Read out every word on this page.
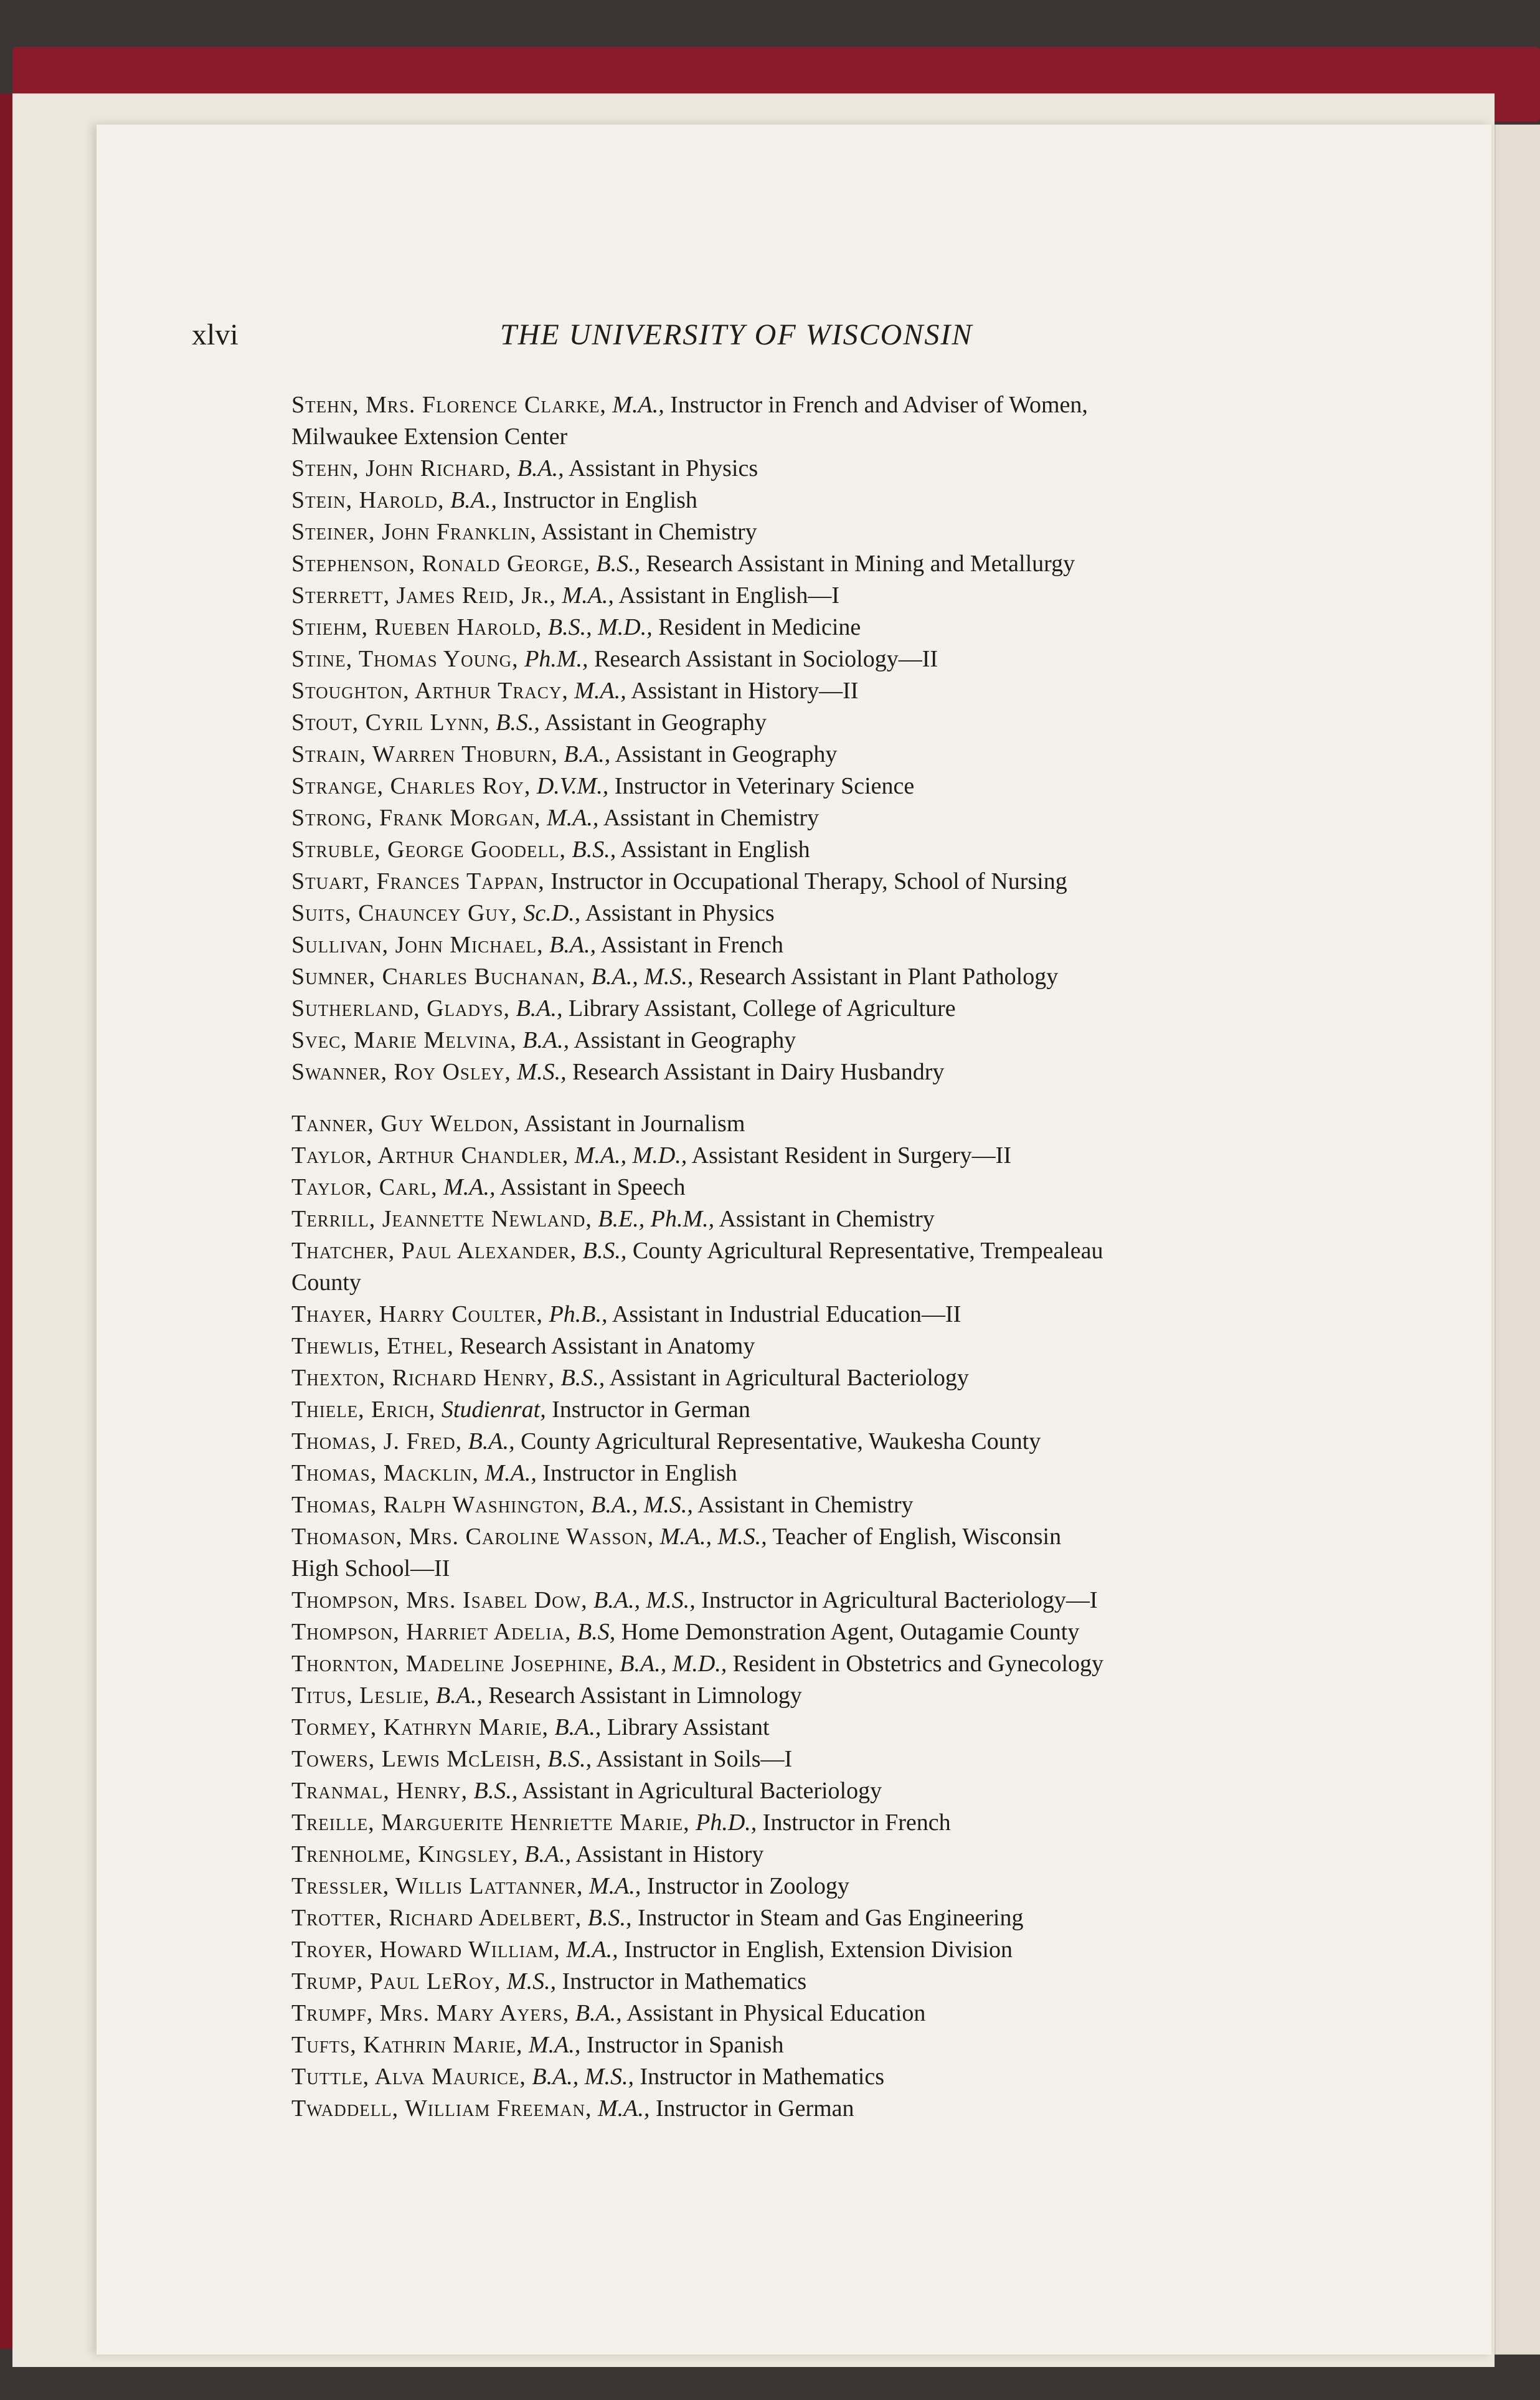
xlvi	THE UNIVERSITY OF WISCONSIN
Stehn, Mrs. Florence Clarke, M.A., Instructor in French and Adviser of Women,
Milwaukee Extension Center
Stehn, John Richard, B.A., Assistant in Physics
Stein, Harold, B.A., Instructor in English
Steiner, John Franklin, Assistant in Chemistry
Stephenson, Ronald George, B.S., Research Assistant in Mining and Metallurgy
Sterrett, James Reid, Jr., M.A., Assistant in English—I
Stiehm, Rueben Harold, B.S., M.D., Resident in Medicine
Stine, Thomas Young, Ph.M., Research Assistant in Sociology—II
Stoughton, Arthur Tracy, M.A., Assistant in History—II
Stout, Cyril Lynn, B.S., Assistant in Geography
Strain, Warren Thoburn, B.A., Assistant in Geography
Strange, Charles Roy, D.V.M., Instructor in Veterinary Science
Strong, Frank Morgan, M.A., Assistant in Chemistry
Struble, George Goodell, B.S., Assistant in English
Stuart, Frances Tappan, Instructor in Occupational Therapy, School of Nursing
Suits, Chauncey Guy, Sc.D., Assistant in Physics
Sullivan, John Michael, B.A., Assistant in French
Sumner, Charles Buchanan, B.A., M.S., Research Assistant in Plant Pathology
Sutherland, Gladys, B.A., Library Assistant, College of Agriculture
Svec, Marie Melvina, B.A., Assistant in Geography
Swanner, Roy Osley, M.S., Research Assistant in Dairy Husbandry
Tanner, Guy Weldon, Assistant in Journalism
Taylor, Arthur Chandler, M.A., M.D., Assistant Resident in Surgery—II
Taylor, Carl, M.A., Assistant in Speech
Terrill, Jeannette Newland, B.E., Ph.M., Assistant in Chemistry
Thatcher, Paul Alexander, B.S., County Agricultural Representative, Trempealeau
County
Thayer, Harry Coulter, Ph.B., Assistant in Industrial Education—II
Thewlis, Ethel, Research Assistant in Anatomy
Thexton, Richard Henry, B.S., Assistant in Agricultural Bacteriology
Thiele, Erich, Studienrat, Instructor in German
Thomas, J. Fred, B.A., County Agricultural Representative, Waukesha County
Thomas, Macklin, M.A., Instructor in English
Thomas, Ralph Washington, B.A., M.S., Assistant in Chemistry
Thomason, Mrs. Caroline Wasson, M.A., M.S., Teacher of English, Wisconsin
High School—II
Thompson, Mrs. Isabel Dow, B.A., M.S., Instructor in Agricultural Bacteriology—I
Thompson, Harriet Adelia, B.S, Home Demonstration Agent, Outagamie County
Thornton, Madeline Josephine, B.A., M.D., Resident in Obstetrics and Gynecology
Titus, Leslie, B.A., Research Assistant in Limnology
Tormey, Kathryn Marie, B.A., Library Assistant
Towers, Lewis McLeish, B.S., Assistant in Soils—I
Tranmal, Henry, B.S., Assistant in Agricultural Bacteriology
Treille, Marguerite Henriette Marie, Ph.D., Instructor in French
Trenholme, Kingsley, B.A., Assistant in History
Tressler, Willis Lattanner, M.A., Instructor in Zoology
Trotter, Richard Adelbert, B.S., Instructor in Steam and Gas Engineering
Troyer, Howard William, M.A., Instructor in English, Extension Division
Trump, Paul LeRoy, M.S., Instructor in Mathematics
Trumpf, Mrs. Mary Ayers, B.A., Assistant in Physical Education
Tufts, Kathrin Marie, M.A., Instructor in Spanish
Tuttle, Alva Maurice, B.A., M.S., Instructor in Mathematics
Twaddell, William Freeman, M.A., Instructor in German
